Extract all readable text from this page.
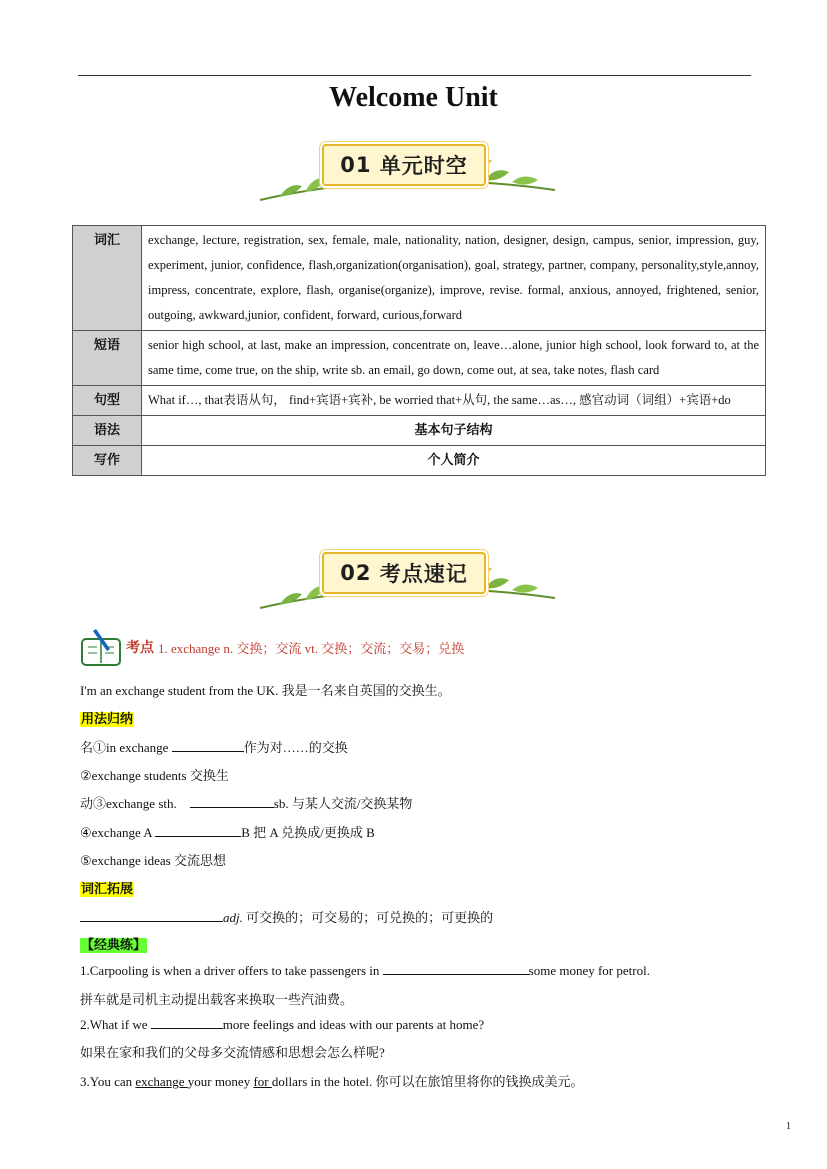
Welcome Unit
01
单元时空
词汇	exchange, lecture, registration, sex, female, male, nationality, nation, designer, design, campus, senior, impression, guy, experiment, junior, confidence, flash,organization(organisation), goal, strategy, partner, company, personality,style,annoy, impress, concentrate, explore, flash, organise(organize), improve, revise. formal, anxious, annoyed, frightened, senior, outgoing, awkward,junior, confident, forward, curious,forward
短语	senior high school, at last, make an impression, concentrate on, leave…alone, junior high school, look forward to, at the same time, come true, on the ship, write sb. an email, go down, come out, at sea, take notes, flash card
句型	What if…, that表语从句， find+宾语+宾补, be worried that+从句, the same…as…, 感官动词（词组）+宾语+do
语法	基本句子结构
写作	个人简介
02
考点速记
考点 1. exchange n. 交换；交流 vt. 交换；交流；交易；兑换
I'm an exchange student from the UK. 我是一名来自英国的交换生。
用法归纳
名①in exchange	作为对……的交换
②exchange students 交换生
动③exchange sth.	sb. 与某人交流/交换某物
④exchange A	B 把 A 兑换成/更换成 B
⑤exchange ideas 交流思想
词汇拓展
adj. 可交换的；可交易的；可兑换的；可更换的
【经典练】
1.Carpooling is when a driver offers to take passengers in	some money for petrol.
拼车就是司机主动提出载客来换取一些汽油费。
2.What if we	more feelings and ideas with our parents at home?
如果在家和我们的父母多交流情感和思想会怎么样呢?
3.You can exchange your money for dollars in the hotel. 你可以在旅馆里将你的钱换成美元。
1
